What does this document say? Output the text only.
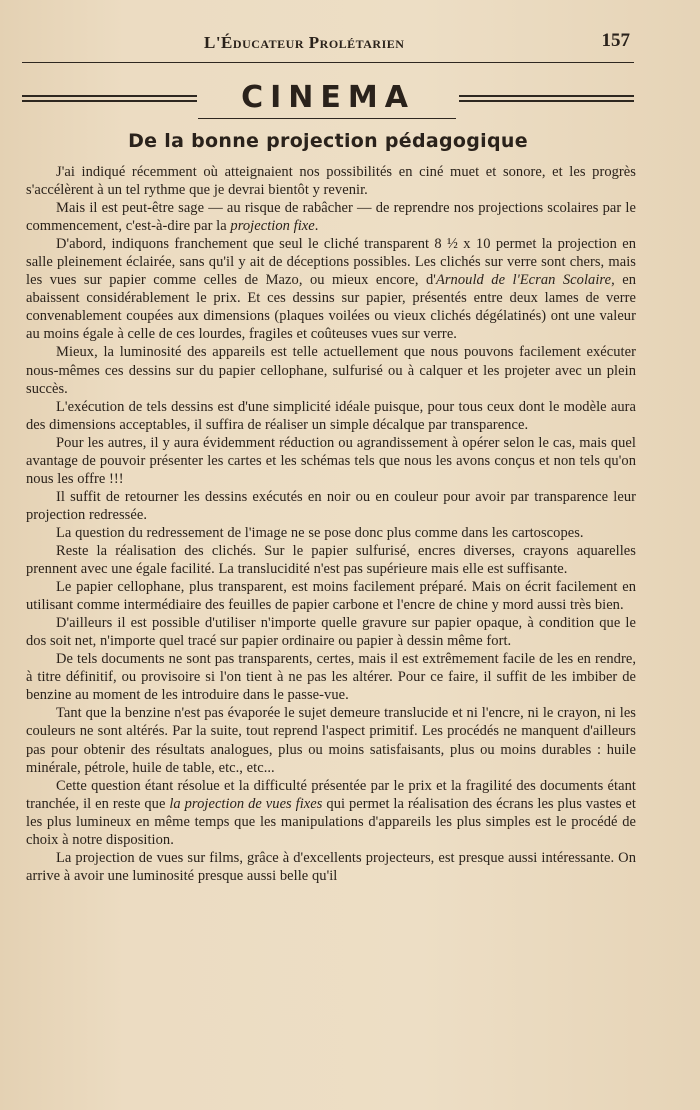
L'Éducateur Prolétarien	157
CINEMA
De la bonne projection pédagogique

J'ai indiqué récemment où atteignaient nos possibilités en ciné muet et sonore, et les progrès s'accélèrent à un tel rythme que je devrai bientôt y revenir.

Mais il est peut-être sage — au risque de rabâcher — de reprendre nos projections scolaires par le commencement, c'est-à-dire par la projection fixe.

D'abord, indiquons franchement que seul le cliché transparent 8 ½ x 10 permet la projection en salle pleinement éclairée, sans qu'il y ait de déceptions possibles. Les clichés sur verre sont chers, mais les vues sur papier comme celles de Mazo, ou mieux encore, d'Arnould de l'Ecran Scolaire, en abaissent considérablement le prix. Et ces dessins sur papier, présentés entre deux lames de verre convenablement coupées aux dimensions (plaques voilées ou vieux clichés dégélatinés) ont une valeur au moins égale à celle de ces lourdes, fragiles et coûteuses vues sur verre.

Mieux, la luminosité des appareils est telle actuellement que nous pouvons facilement exécuter nous-mêmes ces dessins sur du papier cellophane, sulfurisé ou à calquer et les projeter avec un plein succès.

L'exécution de tels dessins est d'une simplicité idéale puisque, pour tous ceux dont le modèle aura des dimensions acceptables, il suffira de réaliser un simple décalque par transparence.

Pour les autres, il y aura évidemment réduction ou agrandissement à opérer selon le cas, mais quel avantage de pouvoir présenter les cartes et les schémas tels que nous les avons conçus et non tels qu'on nous les offre !!!

Il suffit de retourner les dessins exécutés en noir ou en couleur pour avoir par transparence leur projection redressée.

La question du redressement de l'image ne se pose donc plus comme dans les cartoscopes.

Reste la réalisation des clichés. Sur le papier sulfurisé, encres diverses, crayons aquarelles prennent avec une égale facilité. La translucidité n'est pas supérieure mais elle est suffisante.

Le papier cellophane, plus transparent, est moins facilement préparé. Mais on écrit facilement en utilisant comme intermédiaire des feuilles de papier carbone et l'encre de chine y mord aussi très bien.

D'ailleurs il est possible d'utiliser n'importe quelle gravure sur papier opaque, à condition que le dos soit net, n'importe quel tracé sur papier ordinaire ou papier à dessin même fort.

De tels documents ne sont pas transparents, certes, mais il est extrêmement facile de les en rendre, à titre définitif, ou provisoire si l'on tient à ne pas les altérer. Pour ce faire, il suffit de les imbiber de benzine au moment de les introduire dans le passe-vue.

Tant que la benzine n'est pas évaporée le sujet demeure translucide et ni l'encre, ni le crayon, ni les couleurs ne sont altérés. Par la suite, tout reprend l'aspect primitif. Les procédés ne manquent d'ailleurs pas pour obtenir des résultats analogues, plus ou moins satisfaisants, plus ou moins durables : huile minérale, pétrole, huile de table, etc., etc...

Cette question étant résolue et la difficulté présentée par le prix et la fragilité des documents étant tranchée, il en reste que la projection de vues fixes qui permet la réalisation des écrans les plus vastes et les plus lumineux en même temps que les manipulations d'appareils les plus simples est le procédé de choix à notre disposition.

La projection de vues sur films, grâce à d'excellents projecteurs, est presque aussi intéressante. On arrive à avoir une luminosité presque aussi belle qu'il
